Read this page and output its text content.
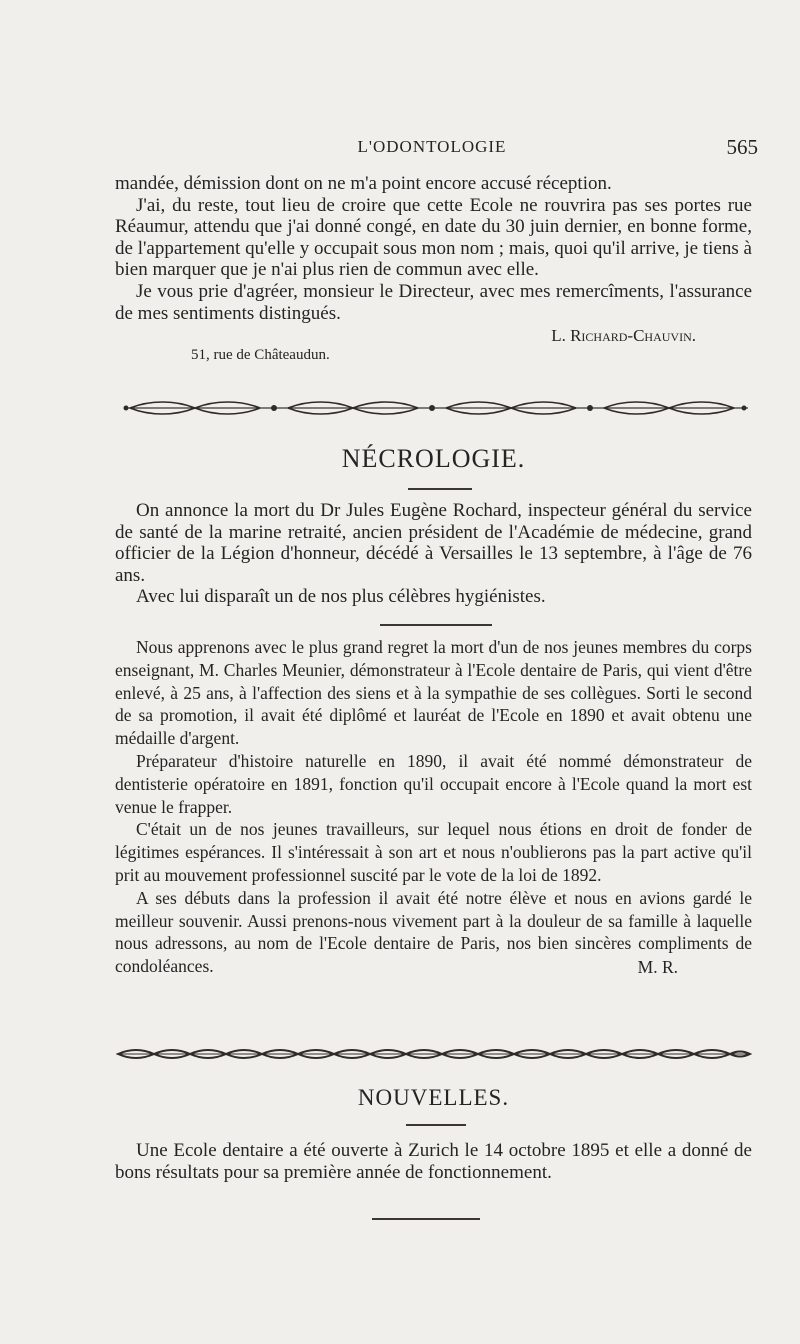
L'ODONTOLOGIE	565

mandée, démission dont on ne m'a point encore accusé réception.

J'ai, du reste, tout lieu de croire que cette Ecole ne rouvrira pas ses portes rue Réaumur, attendu que j'ai donné congé, en date du 30 juin dernier, en bonne forme, de l'appartement qu'elle y occupait sous mon nom ; mais, quoi qu'il arrive, je tiens à bien marquer que je n'ai plus rien de commun avec elle.

Je vous prie d'agréer, monsieur le Directeur, avec mes remercîments, l'assurance de mes sentiments distingués.

L. Richard-Chauvin.
51, rue de Châteaudun.
NÉCROLOGIE.

On annonce la mort du Dr Jules Eugène Rochard, inspecteur général du service de santé de la marine retraité, ancien président de l'Académie de médecine, grand officier de la Légion d'honneur, décédé à Versailles le 13 septembre, à l'âge de 76 ans.

Avec lui disparaît un de nos plus célèbres hygiénistes.

Nous apprenons avec le plus grand regret la mort d'un de nos jeunes membres du corps enseignant, M. Charles Meunier, démonstrateur à l'Ecole dentaire de Paris, qui vient d'être enlevé, à 25 ans, à l'affection des siens et à la sympathie de ses collègues. Sorti le second de sa promotion, il avait été diplômé et lauréat de l'Ecole en 1890 et avait obtenu une médaille d'argent.

Préparateur d'histoire naturelle en 1890, il avait été nommé démonstrateur de dentisterie opératoire en 1891, fonction qu'il occupait encore à l'Ecole quand la mort est venue le frapper.

C'était un de nos jeunes travailleurs, sur lequel nous étions en droit de fonder de légitimes espérances. Il s'intéressait à son art et nous n'oublierons pas la part active qu'il prit au mouvement professionnel suscité par le vote de la loi de 1892.

A ses débuts dans la profession il avait été notre élève et nous en avions gardé le meilleur souvenir. Aussi prenons-nous vivement part à la douleur de sa famille à laquelle nous adressons, au nom de l'Ecole dentaire de Paris, nos bien sincères compliments de condoléances.	M. R.
NOUVELLES.

Une Ecole dentaire a été ouverte à Zurich le 14 octobre 1895 et elle a donné de bons résultats pour sa première année de fonctionnement.
